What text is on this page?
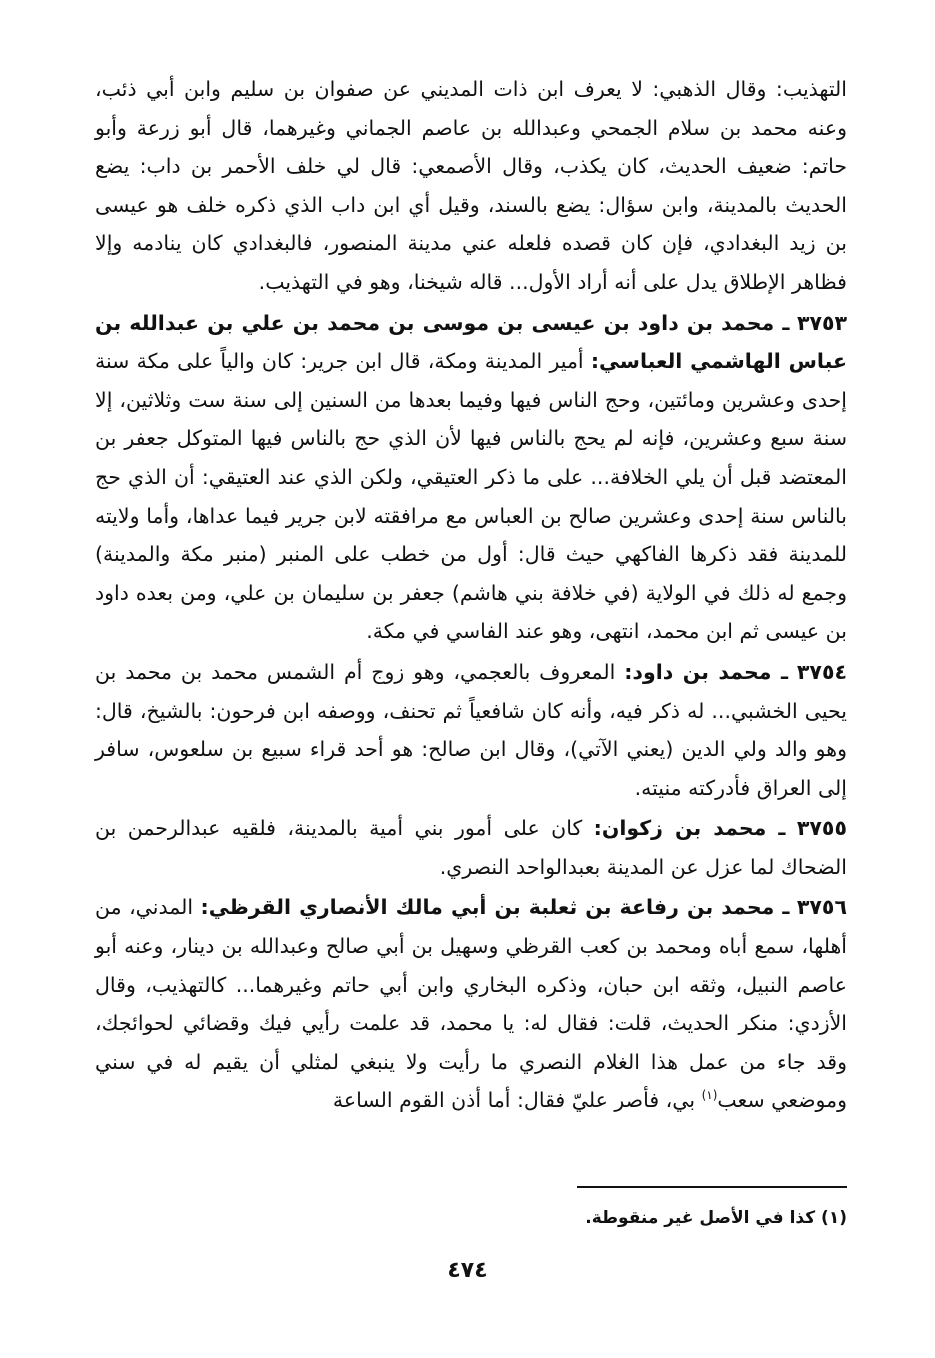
التهذيب: وقال الذهبي: لا يعرف ابن ذات المديني عن صفوان بن سليم وابن أبي ذئب، وعنه محمد بن سلام الجمحي وعبدالله بن عاصم الجماني وغيرهما، قال أبو زرعة وأبو حاتم: ضعيف الحديث، كان يكذب، وقال الأصمعي: قال لي خلف الأحمر بن داب: يضع الحديث بالمدينة، وابن سؤال: يضع بالسند، وقيل أي ابن داب الذي ذكره خلف هو عيسى بن زيد البغدادي، فإن كان قصده فلعله عني مدينة المنصور، فالبغدادي كان ينادمه وإلا فظاهر الإطلاق يدل على أنه أراد الأول... قاله شيخنا، وهو في التهذيب.

٣٧٥٣ ـ محمد بن داود بن عيسى بن موسى بن محمد بن علي بن عبدالله بن عباس الهاشمي العباسي: أمير المدينة ومكة، قال ابن جرير: كان والياً على مكة سنة إحدى وعشرين ومائتين، وحج الناس فيها وفيما بعدها من السنين إلى سنة ست وثلاثين، إلا سنة سبع وعشرين، فإنه لم يحج بالناس فيها لأن الذي حج بالناس فيها المتوكل جعفر بن المعتضد قبل أن يلي الخلافة... على ما ذكر العتيقي، ولكن الذي عند العتيقي: أن الذي حج بالناس سنة إحدى وعشرين صالح بن العباس مع مرافقته لابن جرير فيما عداها، وأما ولايته للمدينة فقد ذكرها الفاكهي حيث قال: أول من خطب على المنبر (منبر مكة والمدينة) وجمع له ذلك في الولاية (في خلافة بني هاشم) جعفر بن سليمان بن علي، ومن بعده داود بن عيسى ثم ابن محمد، انتهى، وهو عند الفاسي في مكة.

٣٧٥٤ ـ محمد بن داود: المعروف بالعجمي، وهو زوج أم الشمس محمد بن محمد بن يحيى الخشبي... له ذكر فيه، وأنه كان شافعياً ثم تحنف، ووصفه ابن فرحون: بالشيخ، قال: وهو والد ولي الدين (يعني الآتي)، وقال ابن صالح: هو أحد قراء سبيع بن سلعوس، سافر إلى العراق فأدركته منيته.

٣٧٥٥ ـ محمد بن زكوان: كان على أمور بني أمية بالمدينة، فلقيه عبدالرحمن بن الضحاك لما عزل عن المدينة بعبدالواحد النصري.

٣٧٥٦ ـ محمد بن رفاعة بن ثعلبة بن أبي مالك الأنصاري القرظي: المدني، من أهلها، سمع أباه ومحمد بن كعب القرظي وسهيل بن أبي صالح وعبدالله بن دينار، وعنه أبو عاصم النبيل، وثقه ابن حبان، وذكره البخاري وابن أبي حاتم وغيرهما... كالتهذيب، وقال الأزدي: منكر الحديث، قلت: فقال له: يا محمد، قد علمت رأيي فيك وقضائي لحوائجك، وقد جاء من عمل هذا الغلام النصري ما رأيت ولا ينبغي لمثلي أن يقيم له في سني وموضعي سعب$^{(١)}$ بي، فأصر عليّ فقال: أما أذن القوم الساعة

(١) كذا في الأصل غير منقوطة.
٤٧٤
